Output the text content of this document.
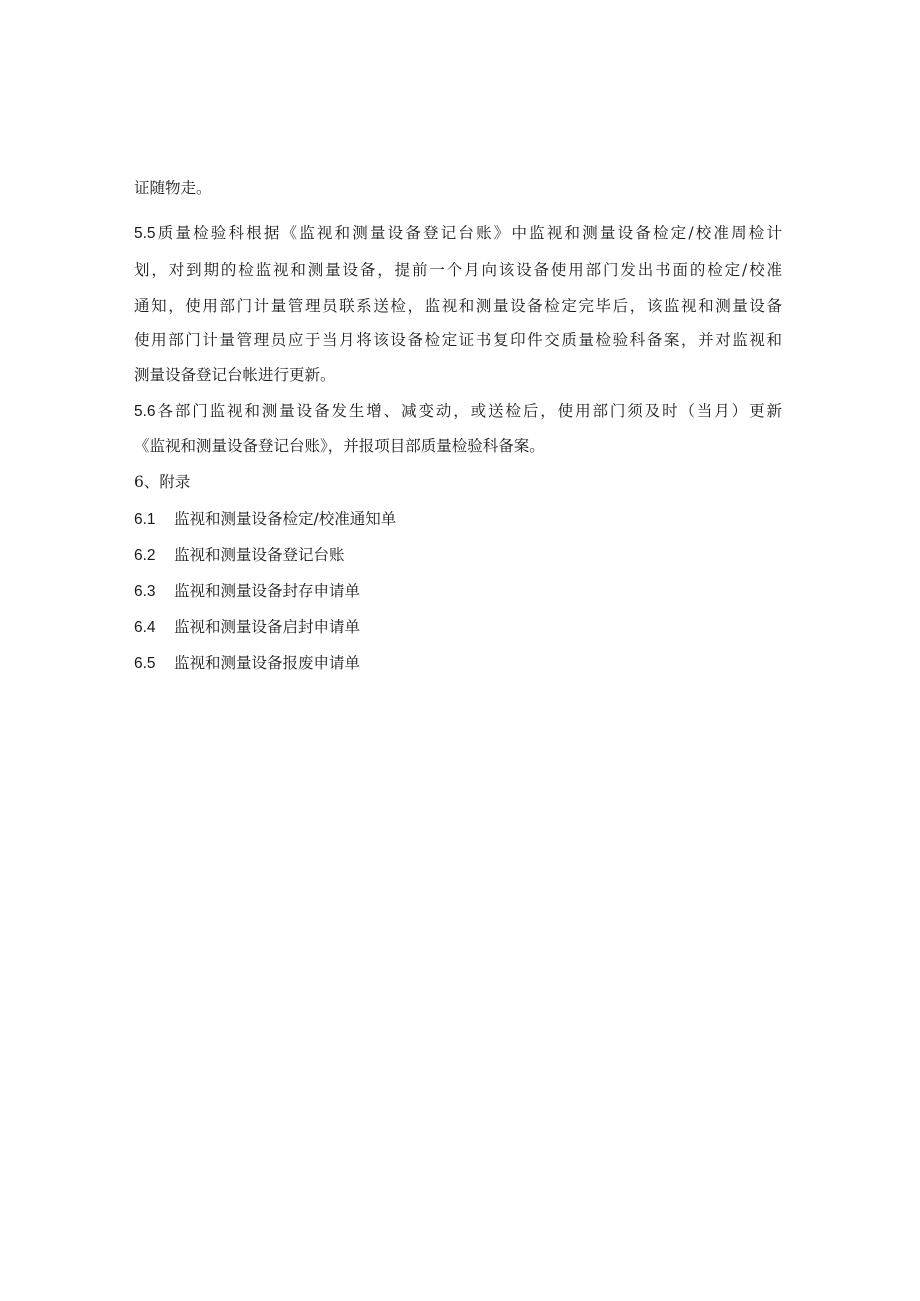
证随物走。
5.5质量检验科根据《监视和测量设备登记台账》中监视和测量设备检定/校准周检计
划，对到期的检监视和测量设备，提前一个月向该设备使用部门发出书面的检定/校准
通知，使用部门计量管理员联系送检，监视和测量设备检定完毕后，该监视和测量设备
使用部门计量管理员应于当月将该设备检定证书复印件交质量检验科备案，并对监视和
测量设备登记台帐进行更新。
5.6各部门监视和测量设备发生增、减变动，或送检后，使用部门须及时（当月）更新
《监视和测量设备登记台账》，并报项目部质量检验科备案。
6、附录
6.1 监视和测量设备检定/校准通知单
6.2 监视和测量设备登记台账
6.3 监视和测量设备封存申请单
6.4 监视和测量设备启封申请单
6.5 监视和测量设备报废申请单
